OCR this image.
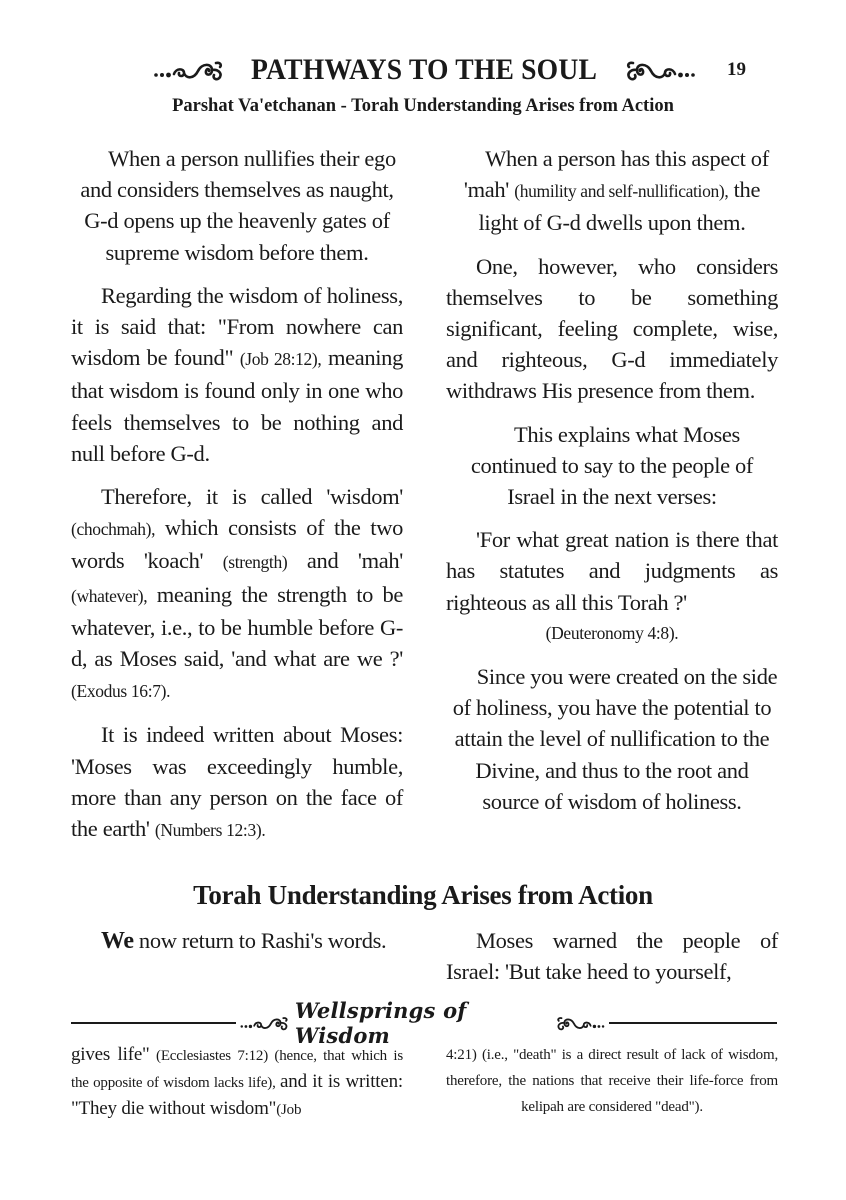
PATHWAYS TO THE SOUL	19
Parshat Va'etchanan - Torah Understanding Arises from Action

When a person nullifies their ego and considers themselves as naught, G-d opens up the heavenly gates of supreme wisdom before them.

Regarding the wisdom of holiness, it is said that: "From nowhere can wisdom be found" (Job 28:12), meaning that wisdom is found only in one who feels themselves to be nothing and null before G-d.

Therefore, it is called 'wisdom' (chochmah), which consists of the two words 'koach' (strength) and 'mah' (whatever), meaning the strength to be whatever, i.e., to be humble before G-d, as Moses said, 'and what are we ?' (Exodus 16:7).

It is indeed written about Moses: 'Moses was exceedingly humble, more than any person on the face of the earth' (Numbers 12:3).

When a person has this aspect of 'mah' (humility and self-nullification), the light of G-d dwells upon them.

One, however, who considers themselves to be something significant, feeling complete, wise, and righteous, G-d immediately withdraws His presence from them.

This explains what Moses continued to say to the people of Israel in the next verses:

'For what great nation is there that has statutes and judgments as righteous as all this Torah ?'
(Deuteronomy 4:8).

Since you were created on the side of holiness, you have the potential to attain the level of nullification to the Divine, and thus to the root and source of wisdom of holiness.

Torah Understanding Arises from Action

We now return to Rashi's words.	Moses warned the people of Israel: 'But take heed to yourself,

Wellsprings of Wisdom

gives life" (Ecclesiastes 7:12) (hence, that which is the opposite of wisdom lacks life), and it is written: "They die without wisdom"(Job

4:21) (i.e., "death" is a direct result of lack of wisdom, therefore, the nations that receive their life-force from kelipah are considered "dead").
